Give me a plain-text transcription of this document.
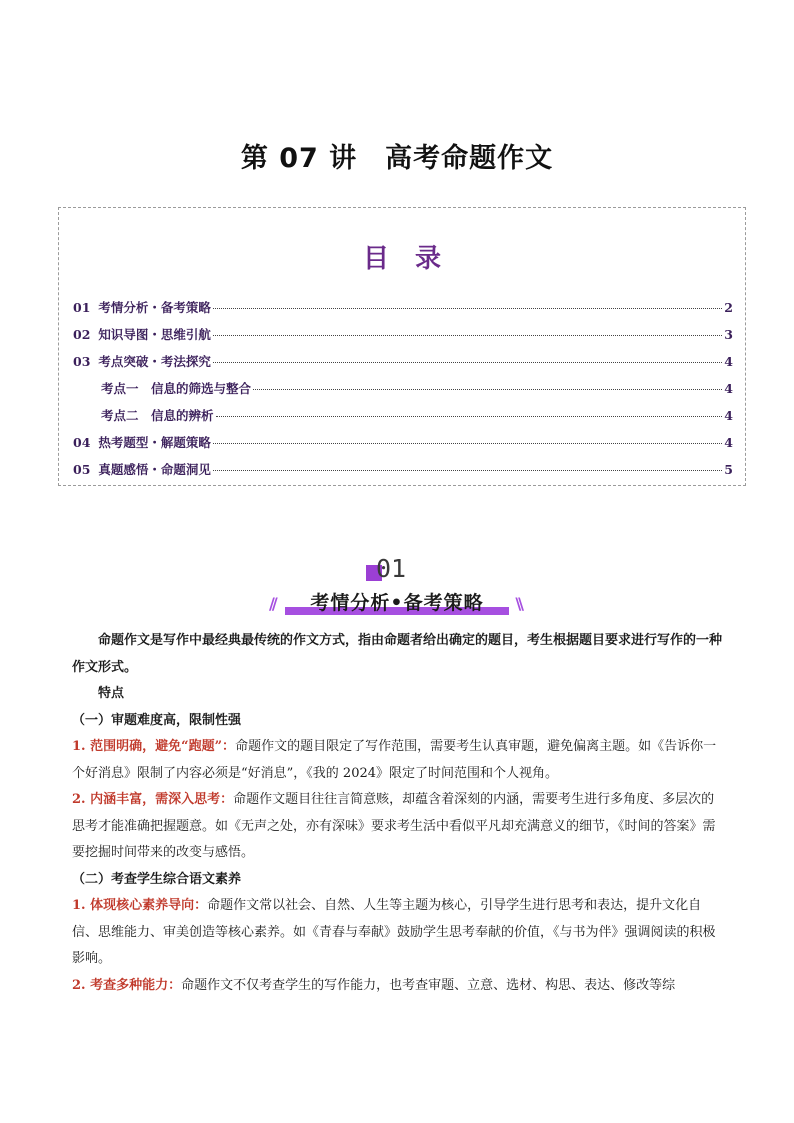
第 07 讲　高考命题作文
目录
01 考情分析・备考策略	2
02 知识导图・思维引航	3
03 考点突破・考法探究	4
考点一　信息的筛选与整合	4
考点二　信息的辨析	4
04 热考题型・解题策略	4
05 真题感悟・命题洞见	5
01
//	考情分析•备考策略	\\

命题作文是写作中最经典最传统的作文方式，指由命题者给出确定的题目，考生根据题目要求进行写作的一种作文形式。

特点

（一）审题难度高，限制性强

1. 范围明确，避免“跑题”：命题作文的题目限定了写作范围，需要考生认真审题，避免偏离主题。如《告诉你一个好消息》限制了内容必须是“好消息”，《我的 2024》限定了时间范围和个人视角。

2. 内涵丰富，需深入思考：命题作文题目往往言简意赅，却蕴含着深刻的内涵，需要考生进行多角度、多层次的思考才能准确把握题意。如《无声之处，亦有深味》要求考生活中看似平凡却充满意义的细节，《时间的答案》需要挖掘时间带来的改变与感悟。

（二）考查学生综合语文素养

1. 体现核心素养导向：命题作文常以社会、自然、人生等主题为核心，引导学生进行思考和表达，提升文化自信、思维能力、审美创造等核心素养。如《青春与奉献》鼓励学生思考奉献的价值，《与书为伴》强调阅读的积极影响。

2. 考查多种能力：命题作文不仅考查学生的写作能力，也考查审题、立意、选材、构思、表达、修改等综
